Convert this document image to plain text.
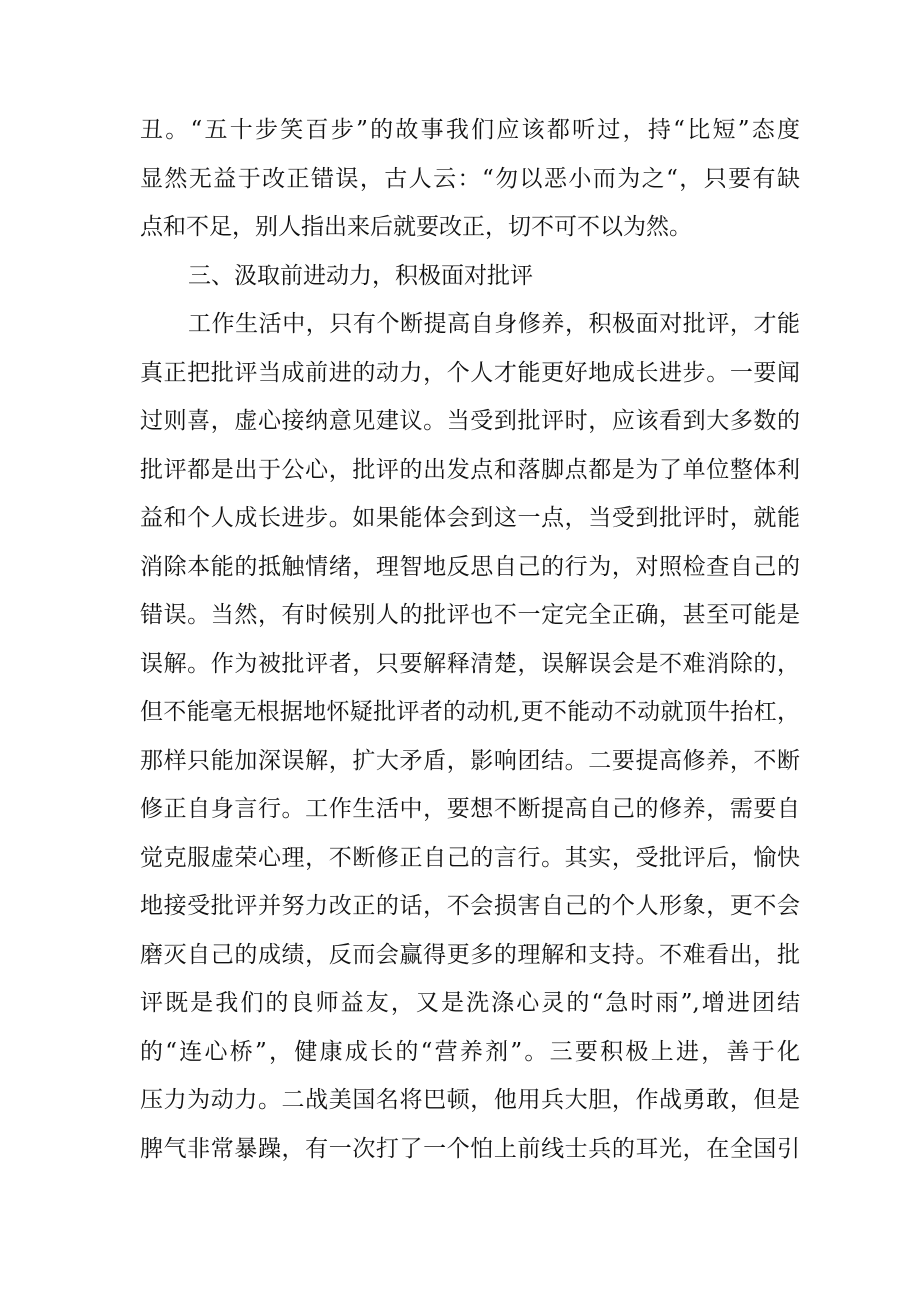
丑。“五十步笑百步”的故事我们应该都听过，持“比短”态度
显然无益于改正错误，古人云：“勿以恶小而为之“，只要有缺
点和不足，别人指出来后就要改正，切不可不以为然。
三、汲取前进动力，积极面对批评
工作生活中，只有个断提高自身修养，积极面对批评，才能
真正把批评当成前进的动力，个人才能更好地成长进步。一要闻
过则喜，虚心接纳意见建议。当受到批评时，应该看到大多数的
批评都是出于公心，批评的出发点和落脚点都是为了单位整体利
益和个人成长进步。如果能体会到这一点，当受到批评时，就能
消除本能的抵触情绪，理智地反思自己的行为，对照检查自己的
错误。当然，有时候别人的批评也不一定完全正确，甚至可能是
误解。作为被批评者，只要解释清楚，误解误会是不难消除的，
但不能毫无根据地怀疑批评者的动机,更不能动不动就顶牛抬杠，
那样只能加深误解，扩大矛盾，影响团结。二要提高修养，不断
修正自身言行。工作生活中，要想不断提高自己的修养，需要自
觉克服虚荣心理，不断修正自己的言行。其实，受批评后，愉快
地接受批评并努力改正的话，不会损害自己的个人形象，更不会
磨灭自己的成绩，反而会赢得更多的理解和支持。不难看出，批
评既是我们的良师益友，又是洗涤心灵的“急时雨”,增进团结
的“连心桥”，健康成长的“营养剂”。三要积极上进，善于化
压力为动力。二战美国名将巴顿，他用兵大胆，作战勇敢，但是
脾气非常暴躁，有一次打了一个怕上前线士兵的耳光，在全国引
